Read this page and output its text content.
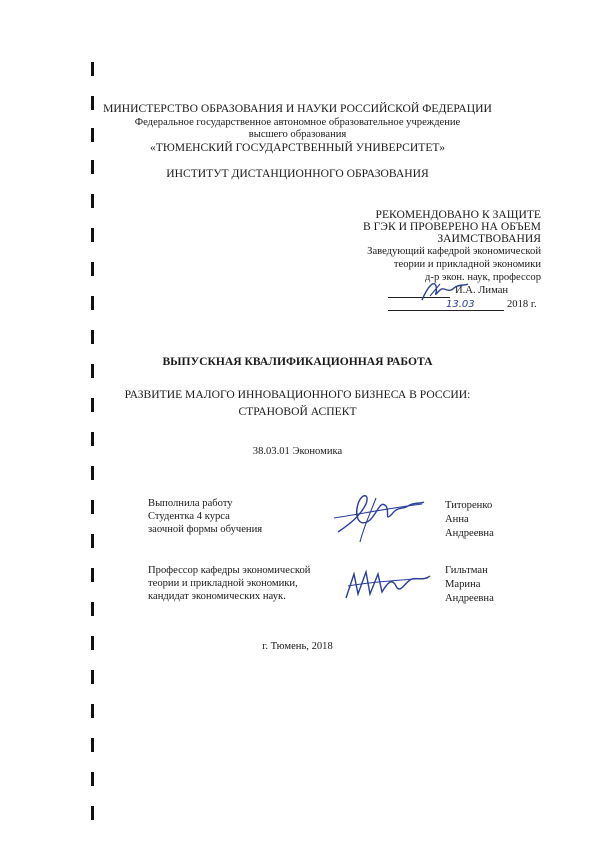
МИНИСТЕРСТВО ОБРАЗОВАНИЯ И НАУКИ РОССИЙСКОЙ ФЕДЕРАЦИИ
Федеральное государственное автономное образовательное учреждение
высшего образования
«ТЮМЕНСКИЙ ГОСУДАРСТВЕННЫЙ УНИВЕРСИТЕТ»
ИНСТИТУТ ДИСТАНЦИОННОГО ОБРАЗОВАНИЯ
РЕКОМЕНДОВАНО К ЗАЩИТЕ
В ГЭК И ПРОВЕРЕНО НА ОБЪЕМ
ЗАИМСТВОВАНИЯ
Заведующий кафедрой экономической
теории и прикладной экономики
д-р экон. наук, профессор
И.А. Лиман
2018 г.
13.03
ВЫПУСКНАЯ КВАЛИФИКАЦИОННАЯ РАБОТА
РАЗВИТИЕ МАЛОГО ИННОВАЦИОННОГО БИЗНЕСА В РОССИИ:
СТРАНОВОЙ АСПЕКТ
38.03.01 Экономика
Выполнила работу
Студентка 4 курса
заочной формы обучения
Титоренко
Анна
Андреевна
Профессор кафедры экономической
теории и прикладной экономики,
кандидат экономических наук.
Гильтман
Марина
Андреевна
г. Тюмень, 2018
